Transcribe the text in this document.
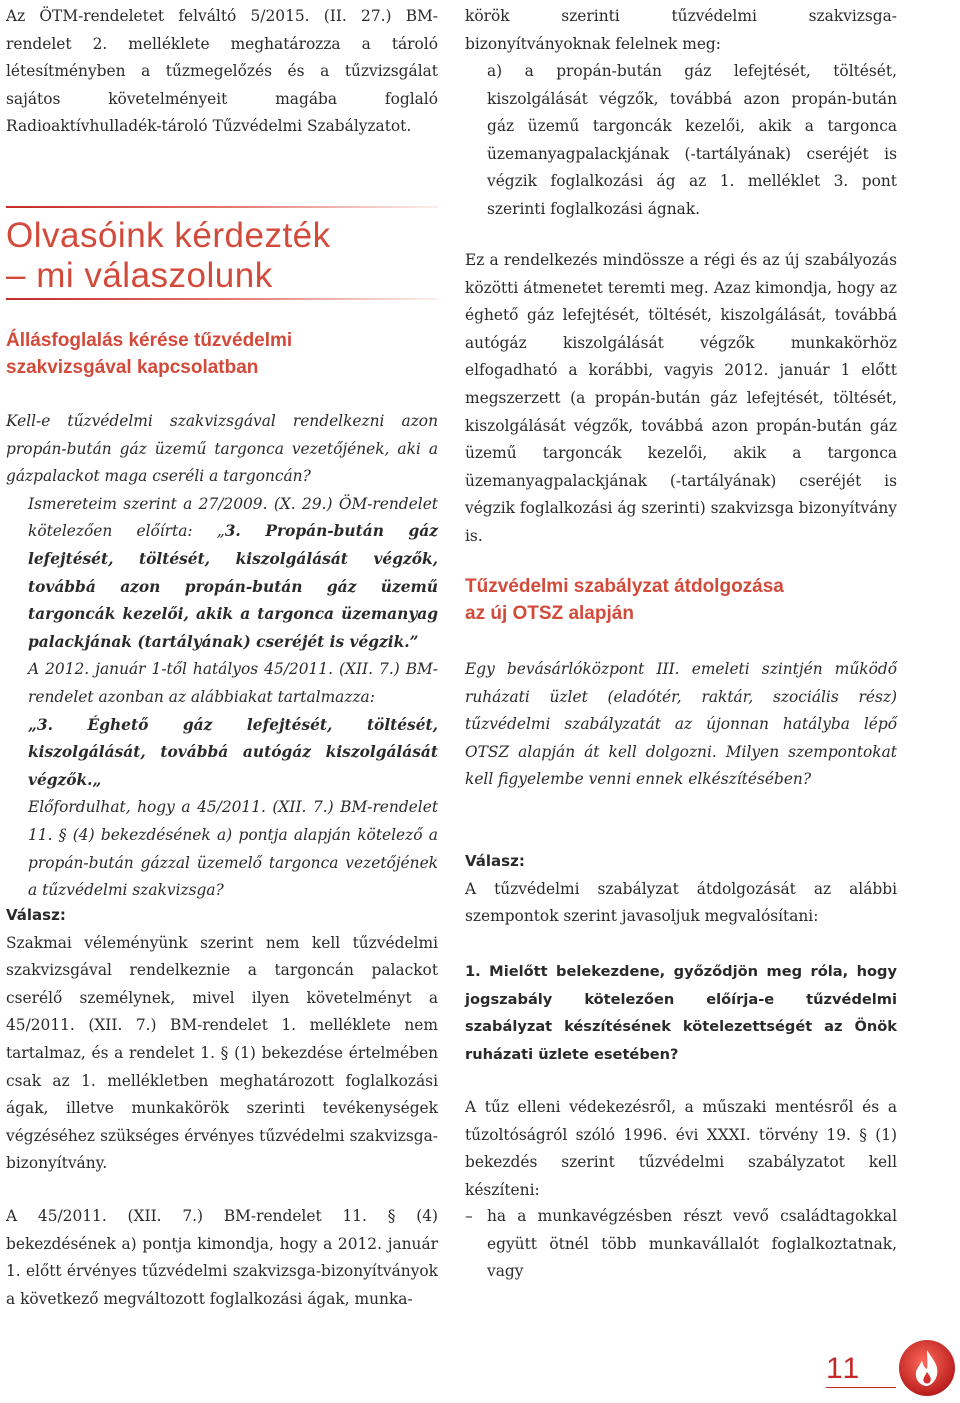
Az ÖTM-rendeletet felváltó 5/2015. (II. 27.) BM-rendelet 2. melléklete meghatározza a tároló létesítményben a tűzmegelőzés és a tűzvizsgálat sajátos követelményeit magába foglaló Radioaktívhulladék-tároló Tűzvédelmi Szabályzatot.

Olvasóink kérdezték

– mi válaszolunk

Állásfoglalás kérése tűzvédelmi

szakvizsgával kapcsolatban

Kell-e tűzvédelmi szakvizsgával rendelkezni azon propán-bután gáz üzemű targonca vezetőjének, aki a gázpalackot maga cseréli a targoncán?

Ismereteim szerint a 27/2009. (X. 29.) ÖM-rendelet kötelezően előírta: „3. Propán-bután gáz lefejtését, töltését, kiszolgálását végzők, továbbá azon propán-bután gáz üzemű targoncák kezelői, akik a targonca üzemanyag palackjának (tartályának) cseréjét is végzik.”

A 2012. január 1-től hatályos 45/2011. (XII. 7.) BM-rendelet azonban az alábbiakat tartalmazza:

„3. Éghető gáz lefejtését, töltését, kiszolgálását, továbbá autógáz kiszolgálását végzők.„

Előfordulhat, hogy a 45/2011. (XII. 7.) BM-rendelet 11. § (4) bekezdésének a) pontja alapján kötelező a propán-bután gázzal üzemelő targonca vezetőjének a tűzvédelmi szakvizsga?

Válasz:

Szakmai véleményünk szerint nem kell tűzvédelmi szakvizsgával rendelkeznie a targoncán palackot cserélő személynek, mivel ilyen követelményt a 45/2011. (XII. 7.) BM-rendelet 1. melléklete nem tartalmaz, és a rendelet 1. § (1) bekezdése értelmében csak az 1. mellékletben meghatározott foglalkozási ágak, illetve munkakörök szerinti tevékenységek végzéséhez szükséges érvényes tűzvédelmi szakvizsga-bizonyítvány.

A 45/2011. (XII. 7.) BM-rendelet 11. § (4) bekezdésének a) pontja kimondja, hogy a 2012. január 1. előtt érvényes tűzvédelmi szakvizsga-bizonyítványok a következő megváltozott foglalkozási ágak, munka-

körök szerinti tűzvédelmi szakvizsga-bizonyítványoknak felelnek meg:

a) a propán-bután gáz lefejtését, töltését, kiszolgálását végzők, továbbá azon propán-bután gáz üzemű targoncák kezelői, akik a targonca üzemanyagpalackjának (-tartályának) cseréjét is végzik foglalkozási ág az 1. melléklet 3. pont szerinti foglalkozási ágnak.

Ez a rendelkezés mindössze a régi és az új szabályozás közötti átmenetet teremti meg. Azaz kimondja, hogy az éghető gáz lefejtését, töltését, kiszolgálását, továbbá autógáz kiszolgálását végzők munkakörhöz elfogadható a korábbi, vagyis 2012. január 1 előtt megszerzett (a propán-bután gáz lefejtését, töltését, kiszolgálását végzők, továbbá azon propán-bután gáz üzemű targoncák kezelői, akik a targonca üzemanyagpalackjának (-tartályának) cseréjét is végzik foglalkozási ág szerinti) szakvizsga bizonyítvány is.

Tűzvédelmi szabályzat átdolgozása

az új OTSZ alapján

Egy bevásárlóközpont III. emeleti szintjén működő ruházati üzlet (eladótér, raktár, szociális rész) tűzvédelmi szabályzatát az újonnan hatályba lépő OTSZ alapján át kell dolgozni. Milyen szempontokat kell figyelembe venni ennek elkészítésében?

Válasz:

A tűzvédelmi szabályzat átdolgozását az alábbi szempontok szerint javasoljuk megvalósítani:

1. Mielőtt belekezdene, győződjön meg róla, hogy jogszabály kötelezően előírja-e tűzvédelmi szabályzat készítésének kötelezettségét az Önök ruházati üzlete esetében?

A tűz elleni védekezésről, a műszaki mentésről és a tűzoltóságról szóló 1996. évi XXXI. törvény 19. § (1) bekezdés szerint tűzvédelmi szabályzatot kell készíteni:

– ha a munkavégzésben részt vevő családtagokkal együtt ötnél több munkavállalót foglalkoztatnak, vagy
11
